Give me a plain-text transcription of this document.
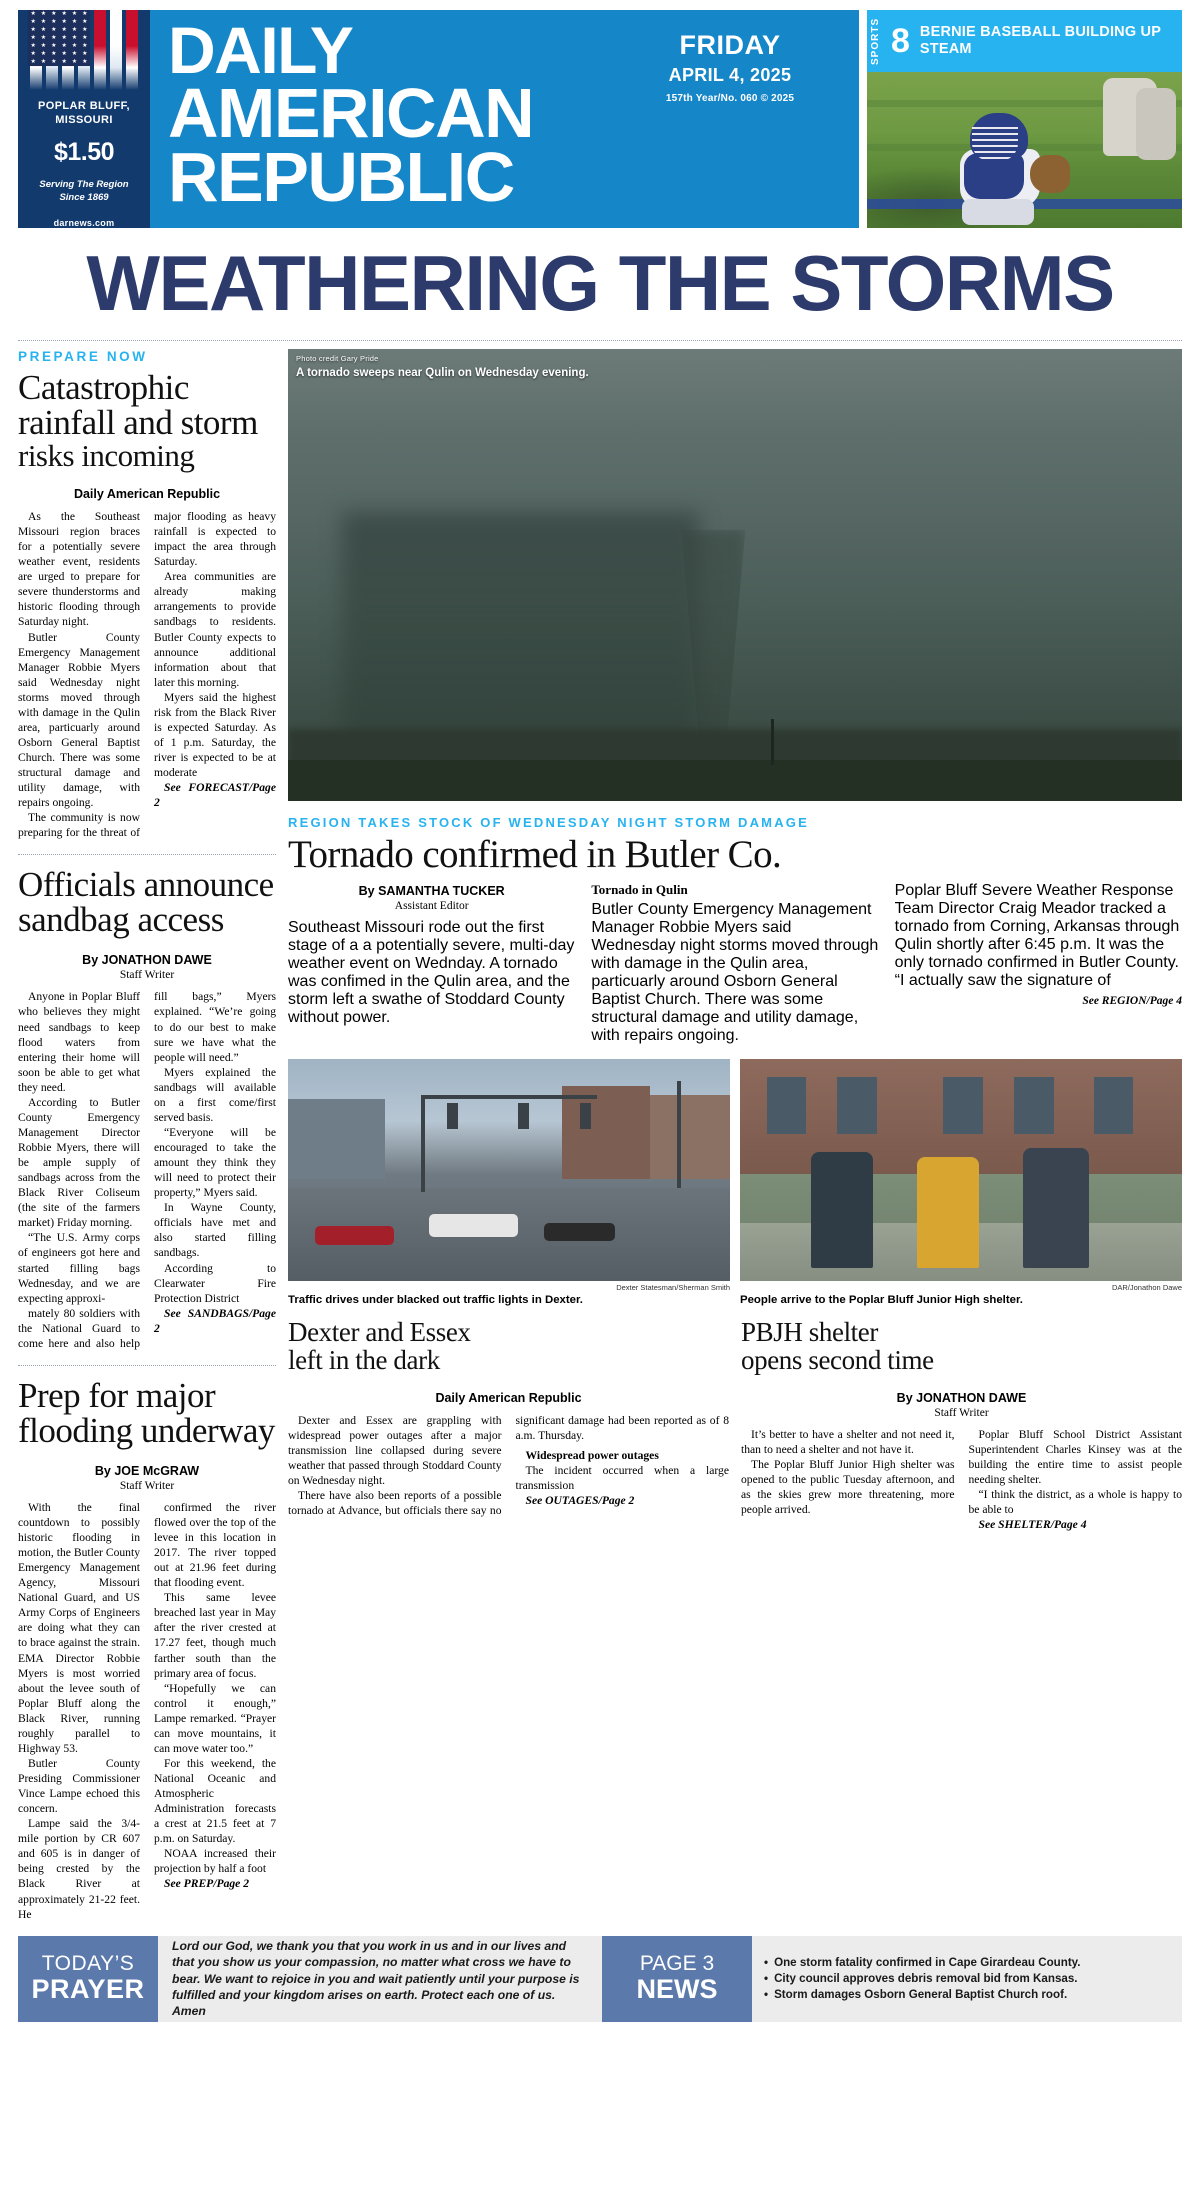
★ ★ ★ ★ ★ ★
★ ★ ★ ★ ★ ★
★ ★ ★ ★ ★ ★
★ ★ ★ ★ ★ ★
★ ★ ★ ★ ★ ★
★ ★ ★ ★ ★ ★
★ ★ ★ ★ ★ ★
POPLAR BLUFF,
MISSOURI
$1.50
Serving The Region
Since 1869
darnews.com
DAILY
AMERICAN
REPUBLIC
FRIDAY
APRIL 4, 2025
157th Year/No. 060 © 2025
SPORTS 8 BERNIE BASEBALL BUILDING UP STEAM
WEATHERING THE STORMS
PREPARE NOW
Catastrophic
rainfall and storm
risks incoming
Daily American Republic

As the Southeast Missouri region braces for a potentially severe weather event, residents are urged to prepare for severe thunderstorms and historic flooding through Saturday night.

Butler County Emergency Management Manager Robbie Myers said Wednesday night storms moved through with damage in the Qulin area, particuarly around Osborn General Baptist Church. There was some structural damage and utility damage, with repairs ongoing.

The community is now preparing for the threat of major flooding as heavy rainfall is expected to impact the area through Saturday.

Area communities are already making arrangements to provide sandbags to residents. Butler County expects to announce additional information about that later this morning.

Myers said the highest risk from the Black River is expected Saturday. As of 1 p.m. Saturday, the river is expected to be at moderate

See FORECAST/Page 2

Officials announce
sandbag access
By JONATHON DAWE
Staff Writer

Anyone in Poplar Bluff who believes they might need sandbags to keep flood waters from entering their home will soon be able to get what they need.

According to Butler County Emergency Management Director Robbie Myers, there will be ample supply of sandbags across from the Black River Coliseum (the site of the farmers market) Friday morning.

“The U.S. Army corps of engineers got here and started filling bags Wednesday, and we are expecting approxi-

mately 80 soldiers with the National Guard to come here and also help fill bags,” Myers explained. “We’re going to do our best to make sure we have what the people will need.”

Myers explained the sandbags will available on a first come/first served basis.

“Everyone will be encouraged to take the amount they think they will need to protect their property,” Myers said.

In Wayne County, officials have met and also started filling sandbags.

According to Clearwater Fire Protection District

See SANDBAGS/Page 2

Prep for major
flooding underway
By JOE McGRAW
Staff Writer

With the final countdown to possibly historic flooding in motion, the Butler County Emergency Management Agency, Missouri National Guard, and US Army Corps of Engineers are doing what they can to brace against the strain. EMA Director Robbie Myers is most worried about the levee south of Poplar Bluff along the Black River, running roughly parallel to Highway 53.

Butler County Presiding Commissioner Vince Lampe echoed this concern.

Lampe said the 3/4-mile portion by CR 607 and 605 is in danger of being crested by the Black River at approximately 21-22 feet. He

confirmed the river flowed over the top of the levee in this location in 2017. The river topped out at 21.96 feet during that flooding event.

This same levee breached last year in May after the river crested at 17.27 feet, though much farther south than the primary area of focus.

“Hopefully we can control it enough,” Lampe remarked. “Prayer can move mountains, it can move water too.”

For this weekend, the National Oceanic and Atmospheric Administration forecasts a crest at 21.5 feet at 7 p.m. on Saturday.

NOAA increased their projection by half a foot

See PREP/Page 2

Photo credit Gary Pride
A tornado sweeps near Qulin on Wednesday evening.
REGION TAKES STOCK OF WEDNESDAY NIGHT STORM DAMAGE
Tornado confirmed in Butler Co.
By SAMANTHA TUCKER
Assistant Editor

Southeast Missouri rode out the first stage of a a potentially severe, multi-day weather event on Wednday. A tornado was confimed in the Qulin area, and the storm left a swathe of Stoddard County without power.

Tornado in Qulin

Butler County Emergency Management Manager Robbie Myers said Wednesday night storms moved through with damage in the Qulin area, particuarly around Osborn General Baptist Church. There was some structural damage and utility damage, with repairs ongoing.

Poplar Bluff Severe Weather Response Team Director Craig Meador tracked a tornado from Corning, Arkansas through Qulin shortly after 6:45 p.m. It was the only tornado confirmed in Butler County.

“I actually saw the signature of

See REGION/Page 4

Dexter Statesman/Sherman Smith
Traffic drives under blacked out traffic lights in Dexter.
DAR/Jonathon Dawe
People arrive to the Poplar Bluff Junior High shelter.
Dexter and Essex
left in the dark
Daily American Republic

Dexter and Essex are grappling with widespread power outages after a major transmission line collapsed during severe weather that passed through Stoddard County on Wednesday night.

There have also been reports of a possible tornado at Advance, but officials there say no significant damage had been reported as of 8 a.m. Thursday.

Widespread power outages

The incident occurred when a large transmission

See OUTAGES/Page 2

PBJH shelter
opens second time
By JONATHON DAWE
Staff Writer

It’s better to have a shelter and not need it, than to need a shelter and not have it.

The Poplar Bluff Junior High shelter was opened to the public Tuesday afternoon, and as the skies grew more threatening, more people arrived.

Poplar Bluff School District Assistant Superintendent Charles Kinsey was at the building the entire time to assist people needing shelter.

“I think the district, as a whole is happy to be able to

See SHELTER/Page 4

TODAY’S
PRAYER
Lord our God, we thank you that you work in us and in our lives and that you show us your compassion, no matter what cross we have to bear. We want to rejoice in you and wait patiently until your purpose is fulfilled and your kingdom arises on earth. Protect each one of us. Amen
PAGE 3
NEWS
• One storm fatality confirmed in Cape Girardeau County.
• City council approves debris removal bid from Kansas.
• Storm damages Osborn General Baptist Church roof.
